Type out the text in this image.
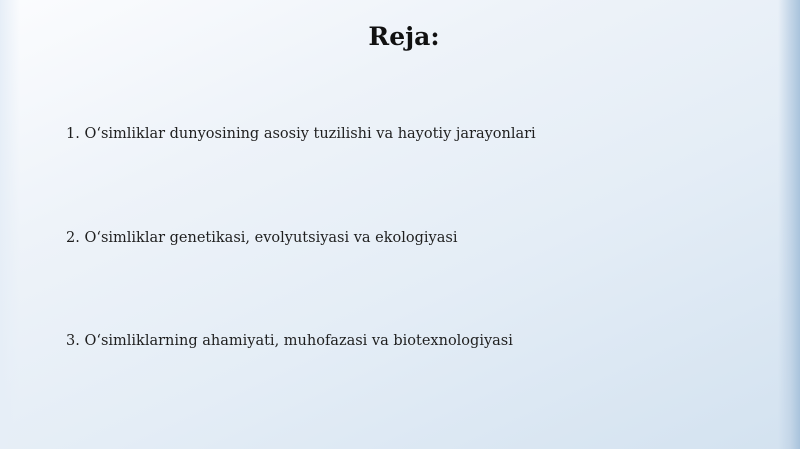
Reja:
1. O‘simliklar dunyosining asosiy tuzilishi va hayotiy jarayonlari
2. O‘simliklar genetikasi, evolyutsiyasi va ekologiyasi
3. O‘simliklarning ahamiyati, muhofazasi va biotexnologiyasi
